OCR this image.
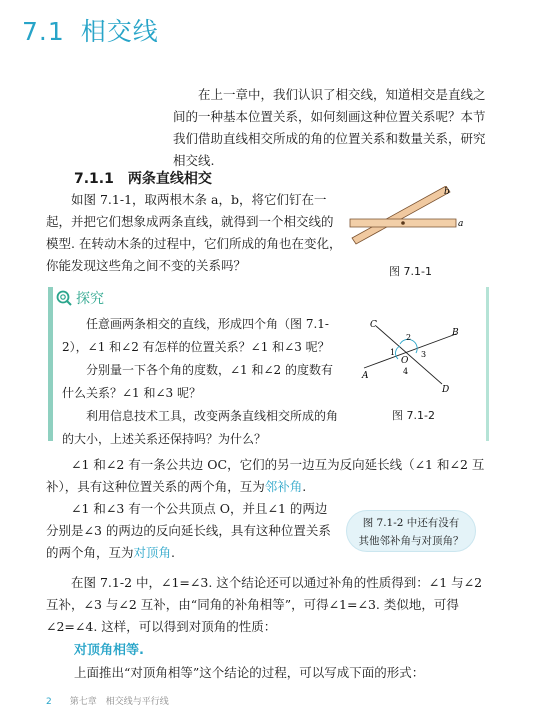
7.1 相交线

在上一章中，我们认识了相交线，知道相交是直线之间的一种基本位置关系，如何刻画这种位置关系呢？本节我们借助直线相交所成的角的位置关系和数量关系，研究相交线.

7.1.1 两条直线相交

如图 7.1-1，取两根木条 a，b，将它们钉在一起，并把它们想象成两条直线，就得到一个相交线的模型. 在转动木条的过程中，它们所成的角也在变化，你能发现这些角之间不变的关系吗？

b
a
图 7.1-1
探究

任意画两条相交的直线，形成四个角（图 7.1-2），∠1 和∠2 有怎样的位置关系？∠1 和∠3 呢？

分别量一下各个角的度数，∠1 和∠2 的度数有什么关系？∠1 和∠3 呢？

利用信息技术工具，改变两条直线相交所成的角的大小，上述关系还保持吗？为什么？

C
B
A
D
O
1
2
3
4
图 7.1-2

∠1 和∠2 有一条公共边 OC，它们的另一边互为反向延长线（∠1 和∠2 互补），具有这种位置关系的两个角，互为邻补角.

∠1 和∠3 有一个公共顶点 O，并且∠1 的两边分别是∠3 的两边的反向延长线，具有这种位置关系的两个角，互为对顶角.

图 7.1-2 中还有没有
其他邻补角与对顶角？

在图 7.1-2 中，∠1=∠3. 这个结论还可以通过补角的性质得到：∠1 与∠2 互补，∠3 与∠2 互补，由“同角的补角相等”，可得∠1=∠3. 类似地，可得∠2=∠4. 这样，可以得到对顶角的性质：

对顶角相等.
上面推出“对顶角相等”这个结论的过程，可以写成下面的形式：
2 第七章　相交线与平行线
